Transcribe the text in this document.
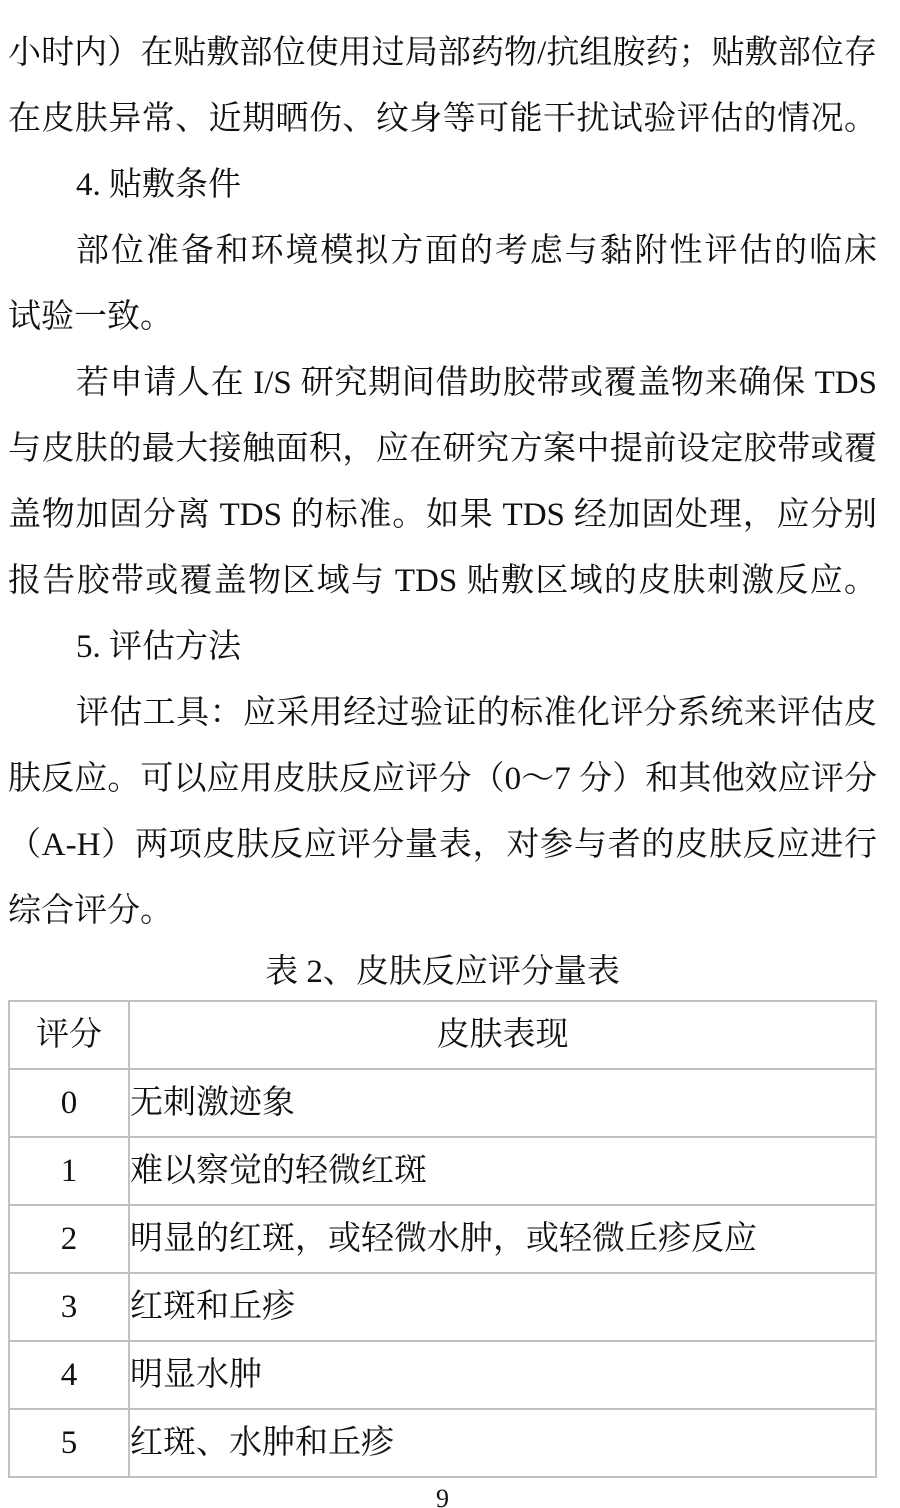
小时内）在贴敷部位使用过局部药物/抗组胺药；贴敷部位存
在皮肤异常、近期晒伤、纹身等可能干扰试验评估的情况。
4. 贴敷条件
部位准备和环境模拟方面的考虑与黏附性评估的临床
试验一致。
若申请人在 I/S 研究期间借助胶带或覆盖物来确保 TDS
与皮肤的最大接触面积，应在研究方案中提前设定胶带或覆
盖物加固分离 TDS 的标准。如果 TDS 经加固处理，应分别
报告胶带或覆盖物区域与 TDS 贴敷区域的皮肤刺激反应。
5. 评估方法
评估工具：应采用经过验证的标准化评分系统来评估皮
肤反应。可以应用皮肤反应评分（0～7 分）和其他效应评分
（A-H）两项皮肤反应评分量表，对参与者的皮肤反应进行
综合评分。
表 2、皮肤反应评分量表
评分	皮肤表现
0	无刺激迹象
1	难以察觉的轻微红斑
2	明显的红斑，或轻微水肿，或轻微丘疹反应
3	红斑和丘疹
4	明显水肿
5	红斑、水肿和丘疹
9
